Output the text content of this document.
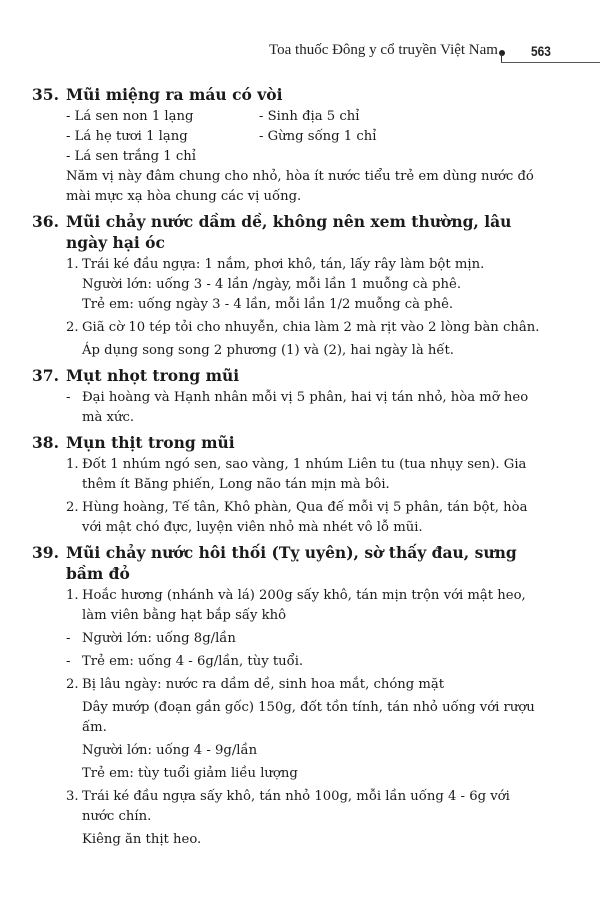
Toa thuốc Đông y cổ truyền Việt Nam 563
35. Mũi miệng ra máu có vòi
- Lá sen non 1 lạng	- Sinh địa 5 chỉ
- Lá hẹ tươi 1 lạng	- Gừng sống 1 chỉ
- Lá sen trắng 1 chỉ
Năm vị này đâm chung cho nhỏ, hòa ít nước tiểu trẻ em dùng nước đó mài mực xạ hòa chung các vị uống.
36. Mũi chảy nước dầm dề, không nên xem thường, lâu ngày hại óc
1. Trái ké đầu ngựa: 1 nắm, phơi khô, tán, lấy rây làm bột mịn.
Người lớn: uống 3 - 4 lần /ngày, mỗi lần 1 muỗng cà phê.
Trẻ em: uống ngày 3 - 4 lần, mỗi lần 1/2 muỗng cà phê.
2. Giã cờ 10 tép tỏi cho nhuyễn, chia làm 2 mà rịt vào 2 lòng bàn chân.
Áp dụng song song 2 phương (1) và (2), hai ngày là hết.
37. Mụt nhọt trong mũi
- Đại hoàng và Hạnh nhân mỗi vị 5 phân, hai vị tán nhỏ, hòa mỡ heo mà xức.
38. Mụn thịt trong mũi
1. Đốt 1 nhúm ngó sen, sao vàng, 1 nhúm Liên tu (tua nhụy sen). Gia thêm ít Băng phiến, Long não tán mịn mà bôi.
2. Hùng hoàng, Tế tân, Khô phàn, Qua đế mỗi vị 5 phân, tán bột, hòa với mật chó đực, luyện viên nhỏ mà nhét vô lỗ mũi.
39. Mũi chảy nước hôi thối (Tỵ uyên), sờ thấy đau, sưng bầm đỏ
1. Hoắc hương (nhánh và lá) 200g sấy khô, tán mịn trộn với mật heo, làm viên bằng hạt bắp sấy khô
- Người lớn: uống 8g/lần
- Trẻ em: uống 4 - 6g/lần, tùy tuổi.
2. Bị lâu ngày: nước ra dầm dề, sinh hoa mắt, chóng mặt
Dây mướp (đoạn gần gốc) 150g, đốt tồn tính, tán nhỏ uống với rượu ấm.
Người lớn: uống 4 - 9g/lần
Trẻ em: tùy tuổi giảm liều lượng
3. Trái ké đầu ngựa sấy khô, tán nhỏ 100g, mỗi lần uống 4 - 6g với nước chín.
Kiêng ăn thịt heo.
